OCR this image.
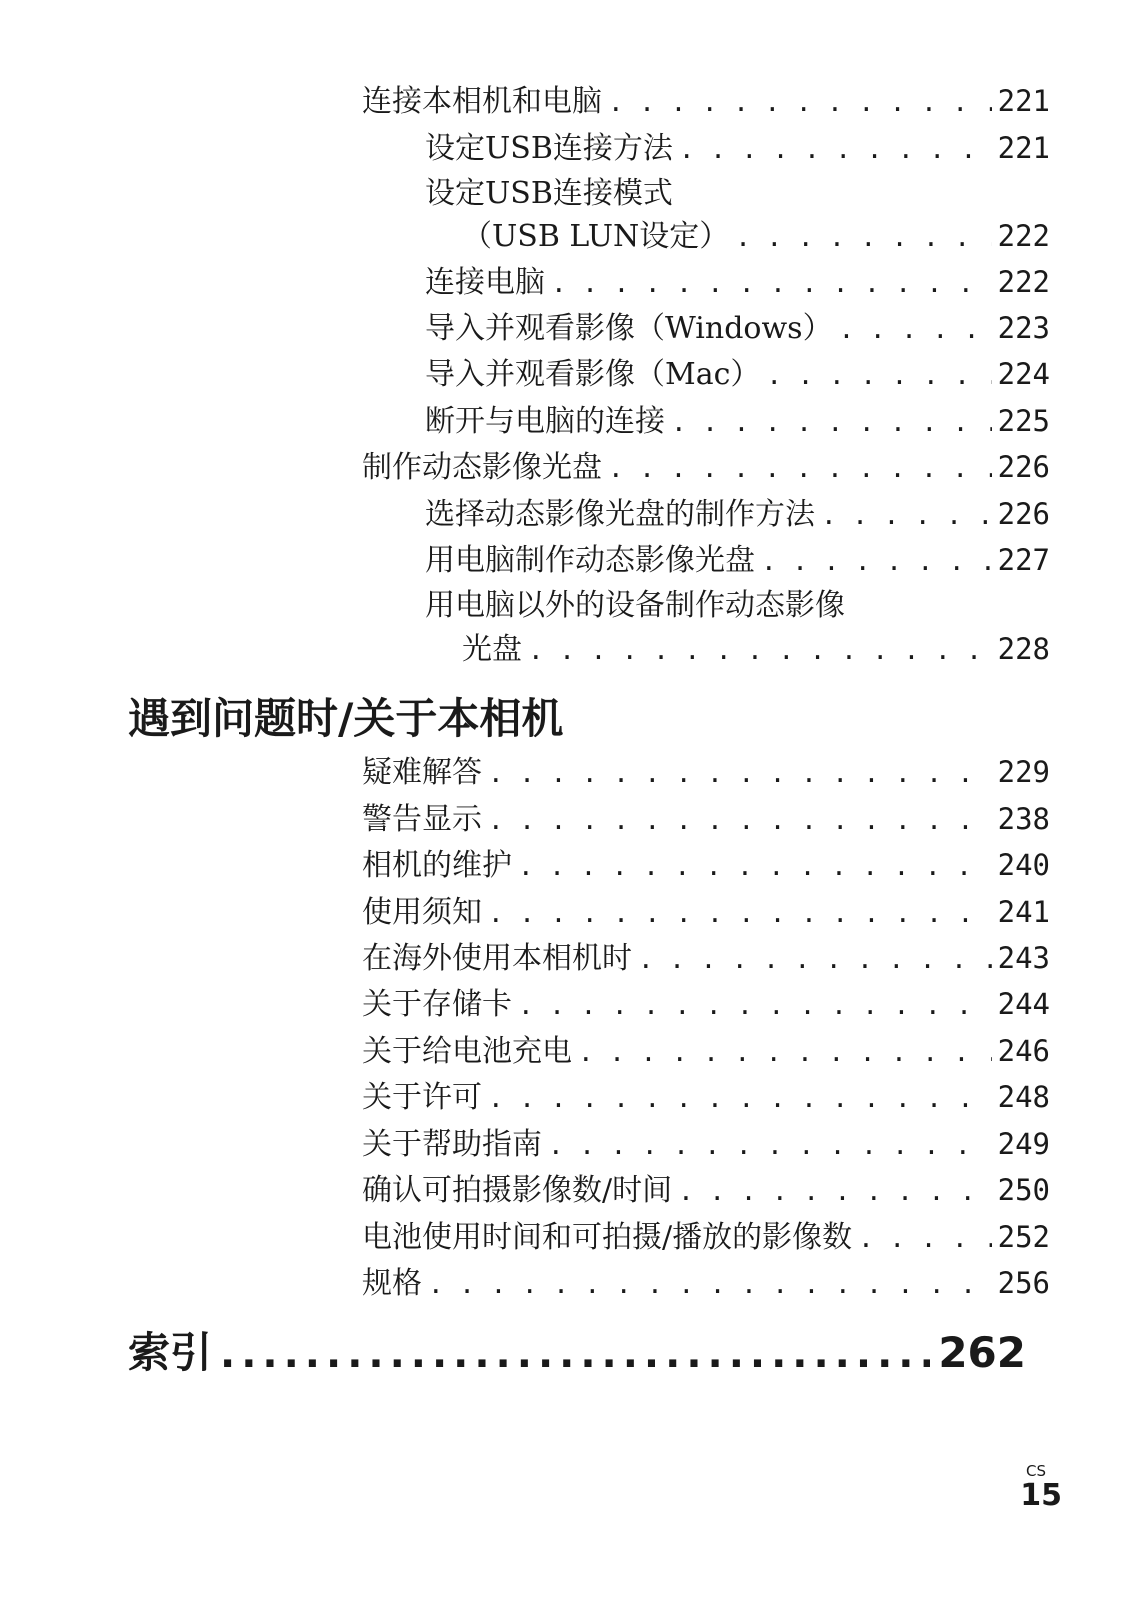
连接本相机和电脑 . . .	221
设定USB连接方法 . . .	221
设定USB连接模式
（USB LUN设定） . . .	222
连接电脑 . . .	222
导入并观看影像（Windows） . . .	223
导入并观看影像（Mac） . . .	224
断开与电脑的连接 . . .	225
制作动态影像光盘 . . .	226
选择动态影像光盘的制作方法 . . .	226
用电脑制作动态影像光盘 . . .	227
用电脑以外的设备制作动态影像
光盘 . . .	228
遇到问题时/关于本相机
疑难解答 . . .	229
警告显示 . . .	238
相机的维护 . . .	240
使用须知 . . .	241
在海外使用本相机时 . . .	243
关于存储卡 . . .	244
关于给电池充电 . . .	246
关于许可 . . .	248
关于帮助指南 . . .	249
确认可拍摄影像数/时间 . . .	250
电池使用时间和可拍摄/播放的影像数 . . .	252
规格 . . .	256
索引 .....	262
CS
15
